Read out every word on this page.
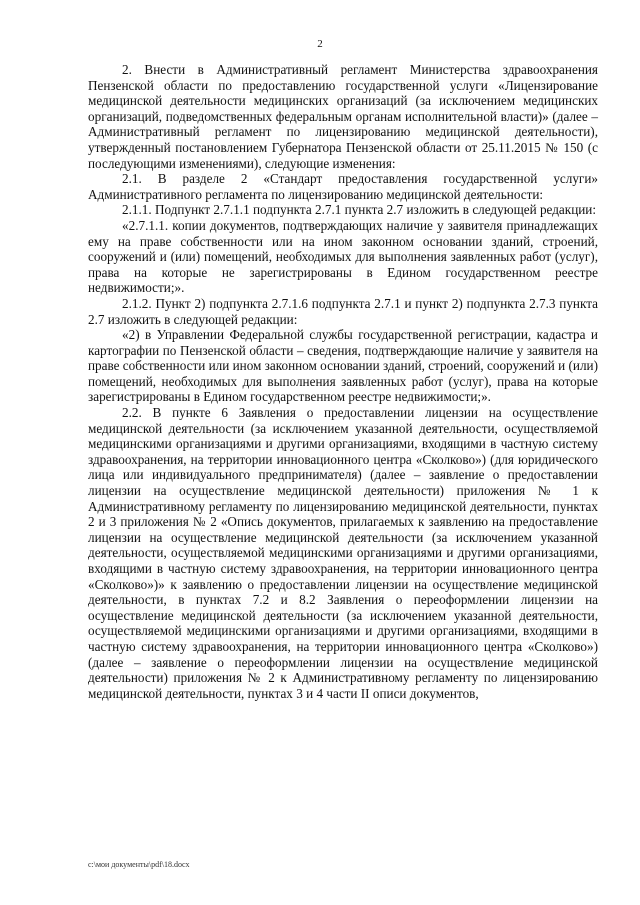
2

2. Внести в Административный регламент Министерства здравоохранения Пензенской области по предоставлению государственной услуги «Лицензирование медицинской деятельности медицинских организаций (за исключением медицинских организаций, подведомственных федеральным органам исполнительной власти)» (далее – Административный регламент по лицензированию медицинской деятельности), утвержденный постановлением Губернатора Пензенской области от 25.11.2015 № 150 (с последующими изменениями), следующие изменения:

2.1. В разделе 2 «Стандарт предоставления государственной услуги» Административного регламента по лицензированию медицинской деятельности:

2.1.1. Подпункт 2.7.1.1 подпункта 2.7.1 пункта 2.7 изложить в следующей редакции:

«2.7.1.1. копии документов, подтверждающих наличие у заявителя принадлежащих ему на праве собственности или на ином законном основании зданий, строений, сооружений и (или) помещений, необходимых для выполнения заявленных работ (услуг), права на которые не зарегистрированы в Едином государственном реестре недвижимости;».

2.1.2. Пункт 2) подпункта 2.7.1.6 подпункта 2.7.1 и пункт 2) подпункта 2.7.3 пункта 2.7 изложить в следующей редакции:

«2) в Управлении Федеральной службы государственной регистрации, кадастра и картографии по Пензенской области – сведения, подтверждающие наличие у заявителя на праве собственности или ином законном основании зданий, строений, сооружений и (или) помещений, необходимых для выполнения заявленных работ (услуг), права на которые зарегистрированы в Едином государственном реестре недвижимости;».

2.2. В пункте 6 Заявления о предоставлении лицензии на осуществление медицинской деятельности (за исключением указанной деятельности, осуществляемой медицинскими организациями и другими организациями, входящими в частную систему здравоохранения, на территории инновационного центра «Сколково») (для юридического лица или индивидуального предпринимателя) (далее – заявление о предоставлении лицензии на осуществление медицинской деятельности) приложения № 1 к Административному регламенту по лицензированию медицинской деятельности, пунктах 2 и 3 приложения № 2 «Опись документов, прилагаемых к заявлению на предоставление лицензии на осуществление медицинской деятельности (за исключением указанной деятельности, осуществляемой медицинскими организациями и другими организациями, входящими в частную систему здравоохранения, на территории инновационного центра «Сколково»)» к заявлению о предоставлении лицензии на осуществление медицинской деятельности, в пунктах 7.2 и 8.2 Заявления о переоформлении лицензии на осуществление медицинской деятельности (за исключением указанной деятельности, осуществляемой медицинскими организациями и другими организациями, входящими в частную систему здравоохранения, на территории инновационного центра «Сколково») (далее – заявление о переоформлении лицензии на осуществление медицинской деятельности) приложения № 2 к Административному регламенту по лицензированию медицинской деятельности, пунктах 3 и 4 части II описи документов,

c:\мои документы\pdf\18.docx
